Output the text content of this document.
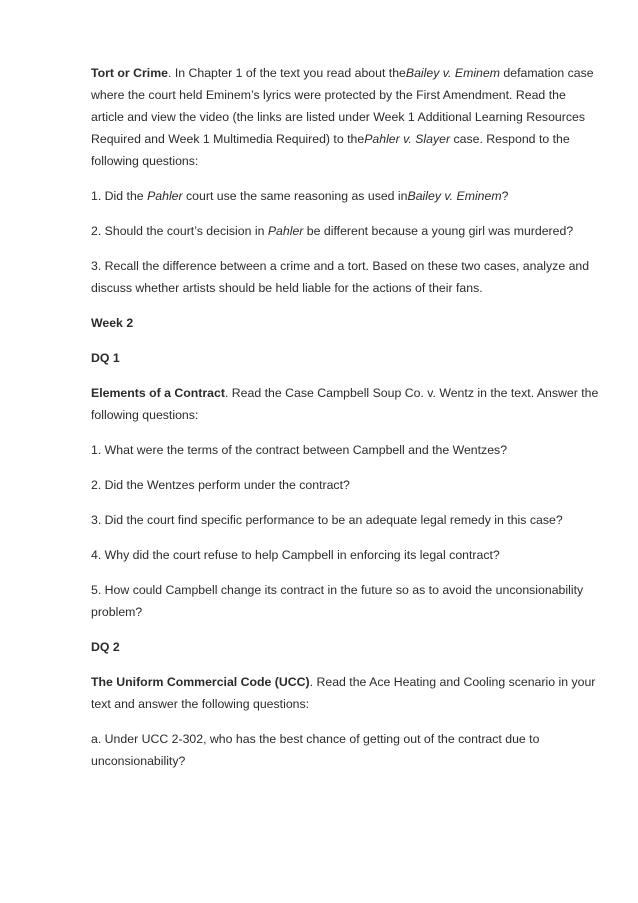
Tort or Crime. In Chapter 1 of the text you read about theBailey v. Eminem defamation case where the court held Eminem’s lyrics were protected by the First Amendment. Read the article and view the video (the links are listed under Week 1 Additional Learning Resources Required and Week 1 Multimedia Required) to thePahler v. Slayer case. Respond to the following questions:

1. Did the Pahler court use the same reasoning as used inBailey v. Eminem?

2. Should the court’s decision in Pahler be different because a young girl was murdered?

3. Recall the difference between a crime and a tort. Based on these two cases, analyze and discuss whether artists should be held liable for the actions of their fans.

Week 2

DQ 1

Elements of a Contract. Read the Case Campbell Soup Co. v. Wentz in the text. Answer the following questions:

1. What were the terms of the contract between Campbell and the Wentzes?

2. Did the Wentzes perform under the contract?

3. Did the court find specific performance to be an adequate legal remedy in this case?

4. Why did the court refuse to help Campbell in enforcing its legal contract?

5. How could Campbell change its contract in the future so as to avoid the unconsionability problem?

DQ 2

The Uniform Commercial Code (UCC). Read the Ace Heating and Cooling scenario in your text and answer the following questions:

a. Under UCC 2-302, who has the best chance of getting out of the contract due to unconsionability?
